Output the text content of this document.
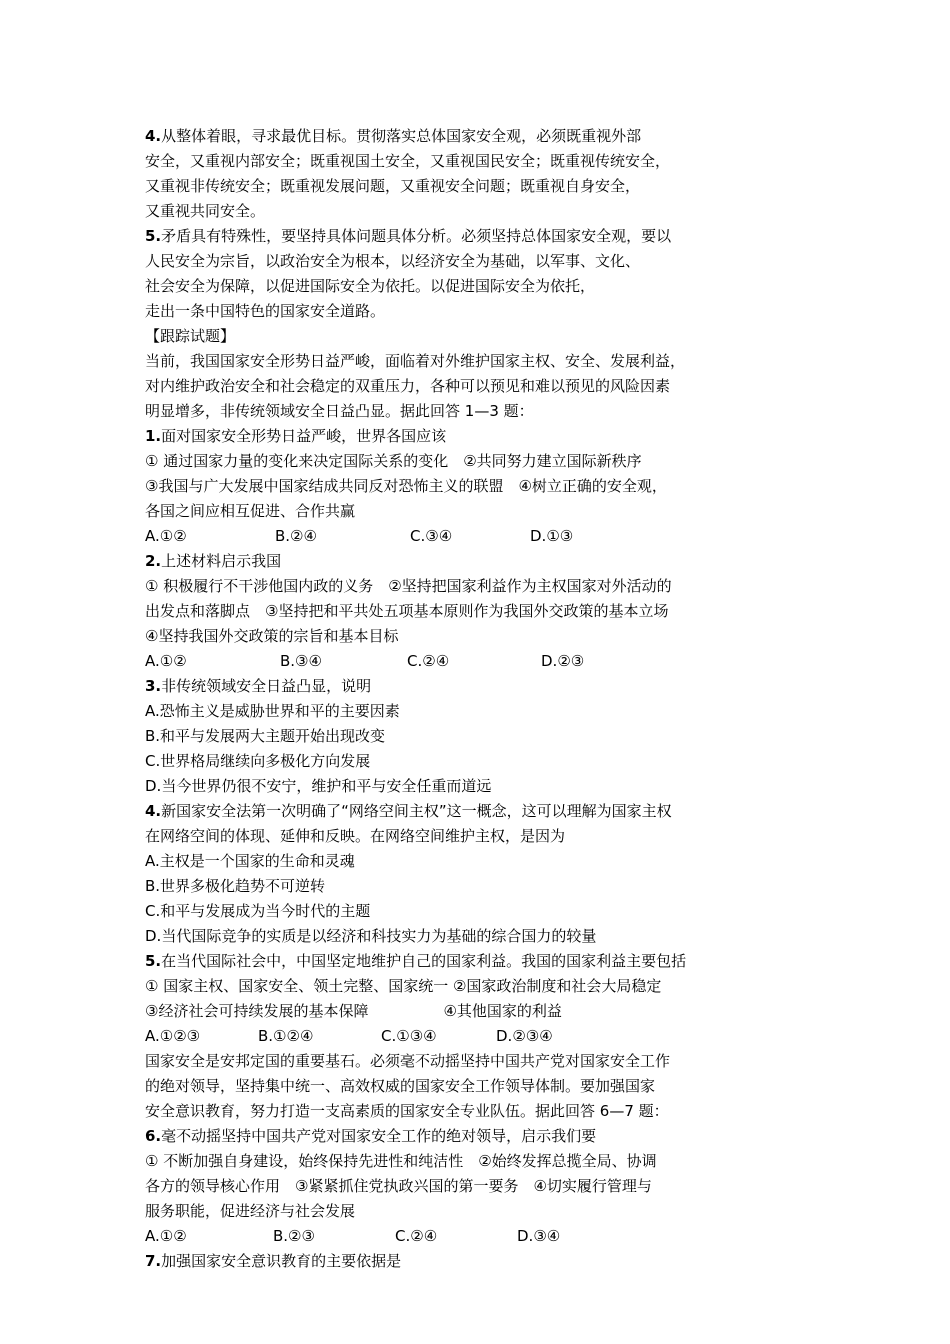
4.从整体着眼，寻求最优目标。贯彻落实总体国家安全观，必须既重视外部
安全，又重视内部安全；既重视国土安全，又重视国民安全；既重视传统安全，
又重视非传统安全；既重视发展问题，又重视安全问题；既重视自身安全，
又重视共同安全。
5.矛盾具有特殊性，要坚持具体问题具体分析。必须坚持总体国家安全观，要以
人民安全为宗旨，以政治安全为根本，以经济安全为基础，以军事、文化、
社会安全为保障，以促进国际安全为依托。以促进国际安全为依托，
走出一条中国特色的国家安全道路。
【跟踪试题】
当前，我国国家安全形势日益严峻，面临着对外维护国家主权、安全、发展利益，
对内维护政治安全和社会稳定的双重压力，各种可以预见和难以预见的风险因素
明显增多，非传统领域安全日益凸显。据此回答 1—3 题：
1.面对国家安全形势日益严峻，世界各国应该
① 通过国家力量的变化来决定国际关系的变化　②共同努力建立国际新秩序
③我国与广大发展中国家结成共同反对恐怖主义的联盟　④树立正确的安全观，
各国之间应相互促进、合作共赢
A.①②	B.②④	C.③④	D.①③
2.上述材料启示我国
① 积极履行不干涉他国内政的义务　②坚持把国家利益作为主权国家对外活动的
出发点和落脚点　③坚持把和平共处五项基本原则作为我国外交政策的基本立场
④坚持我国外交政策的宗旨和基本目标
A.①②	B.③④	C.②④	D.②③
3.非传统领域安全日益凸显，说明
A.恐怖主义是威胁世界和平的主要因素
B.和平与发展两大主题开始出现改变
C.世界格局继续向多极化方向发展
D.当今世界仍很不安宁，维护和平与安全任重而道远
4.新国家安全法第一次明确了“网络空间主权”这一概念，这可以理解为国家主权
在网络空间的体现、延伸和反映。在网络空间维护主权，是因为
A.主权是一个国家的生命和灵魂
B.世界多极化趋势不可逆转
C.和平与发展成为当今时代的主题
D.当代国际竞争的实质是以经济和科技实力为基础的综合国力的较量
5.在当代国际社会中，中国坚定地维护自己的国家利益。我国的国家利益主要包括
① 国家主权、国家安全、领土完整、国家统一 ②国家政治制度和社会大局稳定
③经济社会可持续发展的基本保障　　　　　④其他国家的利益
A.①②③	B.①②④	C.①③④	D.②③④
国家安全是安邦定国的重要基石。必须毫不动摇坚持中国共产党对国家安全工作
的绝对领导，坚持集中统一、高效权威的国家安全工作领导体制。要加强国家
安全意识教育，努力打造一支高素质的国家安全专业队伍。据此回答 6—7 题：
6.毫不动摇坚持中国共产党对国家安全工作的绝对领导，启示我们要
① 不断加强自身建设，始终保持先进性和纯洁性　②始终发挥总揽全局、协调
各方的领导核心作用　③紧紧抓住党执政兴国的第一要务　④切实履行管理与
服务职能，促进经济与社会发展
A.①②	B.②③	C.②④	D.③④
7.加强国家安全意识教育的主要依据是
